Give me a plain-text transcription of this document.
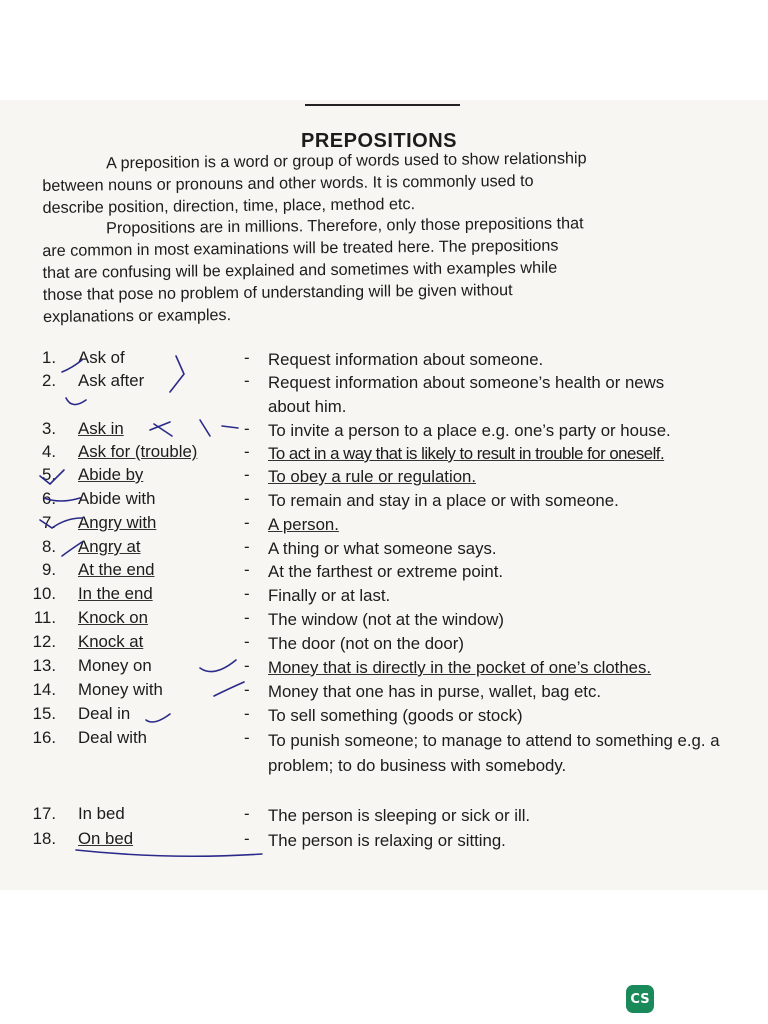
PREPOSITIONS
A preposition is a word or group of words used to show relationship
between nouns or pronouns and other words. It is commonly used to
describe position, direction, time, place, method etc.
Propositions are in millions. Therefore, only those prepositions that
are common in most examinations will be treated here. The prepositions
that are confusing will be explained and sometimes with examples while
those that pose no problem of understanding will be given without
explanations or examples.
1. Ask of	- Request information about someone.
2. Ask after	- Request information about someone’s health or news about him.
3. Ask in	- To invite a person to a place e.g. one’s party or house.
4. Ask for (trouble)	- To act in a way that is likely to result in trouble for oneself.
5. Abide by	- To obey a rule or regulation.
6. Abide with	- To remain and stay in a place or with someone.
7. Angry with	- A person.
8. Angry at	- A thing or what someone says.
9. At the end	- At the farthest or extreme point.
10. In the end	- Finally or at last.
11. Knock on	- The window (not at the window)
12. Knock at	- The door (not on the door)
13. Money on	- Money that is directly in the pocket of one’s clothes.
14. Money with	- Money that one has in purse, wallet, bag etc.
15. Deal in	- To sell something (goods or stock)
16. Deal with	- To punish someone; to manage to attend to something e.g. a problem; to do business with somebody.
17. In bed	- The person is sleeping or sick or ill.
18. On bed	- The person is relaxing or sitting.
CS
